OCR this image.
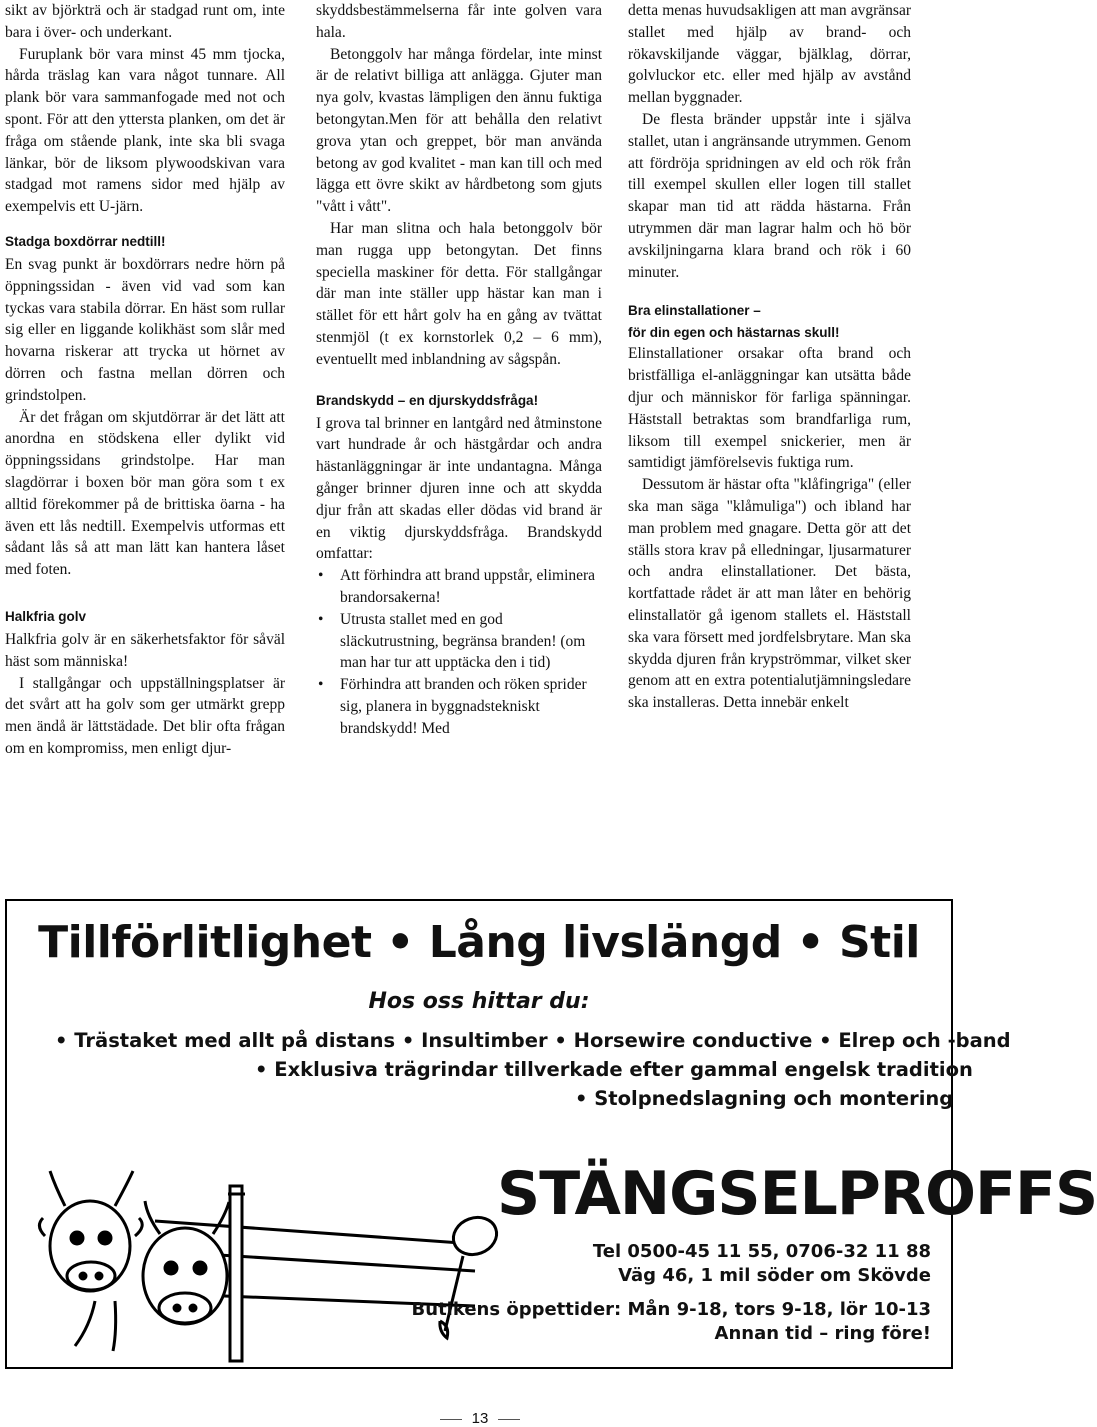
sikt av björkträ och är stadgad runt om, inte bara i över- och underkant.

Furuplank bör vara minst 45 mm tjocka, hårda träslag kan vara något tunnare. All plank bör vara sammanfogade med not och spont. För att den yttersta planken, om det är fråga om stående plank, inte ska bli svaga länkar, bör de liksom plywoodskivan vara stadgad mot ramens sidor med hjälp av exempelvis ett U-järn.

Stadga boxdörrar nedtill!

En svag punkt är boxdörrars nedre hörn på öppningssidan - även vid vad som kan tyckas vara stabila dörrar. En häst som rullar sig eller en liggande kolikhäst som slår med hovarna riskerar att trycka ut hörnet av dörren och fastna mellan dörren och grindstolpen.

Är det frågan om skjutdörrar är det lätt att anordna en stödskena eller dylikt vid öppningssidans grindstolpe. Har man slagdörrar i boxen bör man göra som t ex alltid förekommer på de brittiska öarna - ha även ett lås nedtill. Exempelvis utformas ett sådant lås så att man lätt kan hantera låset med foten.

Halkfria golv

Halkfria golv är en säkerhetsfaktor för såväl häst som människa!

I stallgångar och uppställningsplatser är det svårt att ha golv som ger utmärkt grepp men ändå är lättstädade. Det blir ofta frågan om en kompromiss, men enligt djur-

skyddsbestämmelserna får inte golven vara hala.

Betonggolv har många fördelar, inte minst är de relativt billiga att anlägga. Gjuter man nya golv, kvastas lämpligen den ännu fuktiga betongytan.Men för att behålla den relativt grova ytan och greppet, bör man använda betong av god kvalitet - man kan till och med lägga ett övre skikt av hårdbetong som gjuts "vått i vått".

Har man slitna och hala betonggolv bör man rugga upp betongytan. Det finns speciella maskiner för detta. För stallgångar där man inte ställer upp hästar kan man i stället för ett hårt golv ha en gång av tvättat stenmjöl (t ex kornstorlek 0,2 – 6 mm), eventuellt med inblandning av sågspån.

Brandskydd – en djurskyddsfråga!

I grova tal brinner en lantgård ned åtminstone vart hundrade år och hästgårdar och andra hästanläggningar är inte undantagna. Många gånger brinner djuren inne och att skydda djur från att skadas eller dödas vid brand är en viktig djurskyddsfråga. Brandskydd omfattar:

• Att förhindra att brand uppstår, eliminera brandorsakerna!
• Utrusta stallet med en god släckutrustning, begränsa branden! (om man har tur att upptäcka den i tid)
• Förhindra att branden och röken sprider sig, planera in byggnadstekniskt brandskydd! Med

detta menas huvudsakligen att man avgränsar stallet med hjälp av brand- och rökavskiljande väggar, bjälklag, dörrar, golvluckor etc. eller med hjälp av avstånd mellan byggnader.

De flesta bränder uppstår inte i själva stallet, utan i angränsande utrymmen. Genom att fördröja spridningen av eld och rök från till exempel skullen eller logen till stallet skapar man tid att rädda hästarna. Från utrymmen där man lagrar halm och hö bör avskiljningarna klara brand och rök i 60 minuter.

Bra elinstallationer –
för din egen och hästarnas skull!

Elinstallationer orsakar ofta brand och bristfälliga el-anläggningar kan utsätta både djur och människor för farliga spänningar. Häststall betraktas som brandfarliga rum, liksom till exempel snickerier, men är samtidigt jämförelsevis fuktiga rum.

Dessutom är hästar ofta "klåfingriga" (eller ska man säga "klåmuliga") och ibland har man problem med gnagare. Detta gör att det ställs stora krav på elledningar, ljusarmaturer och andra elinstallationer. Det bästa, kortfattade rådet är att man låter en behörig elinstallatör gå igenom stallets el. Häststall ska vara försett med jordfelsbrytare. Man ska skydda djuren från krypströmmar, vilket sker genom att en extra potentialutjämningsledare ska installeras. Detta innebär enkelt

Tillförlitlighet • Lång livslängd • Stil
Hos oss hittar du:
• Trästaket med allt på distans • Insultimber • Horsewire conductive • Elrep och -band
• Exklusiva trägrindar tillverkade efter gammal engelsk tradition
• Stolpnedslagning och montering
STÄNGSELPROFFS
Tel 0500-45 11 55, 0706-32 11 88
Väg 46, 1 mil söder om Skövde
Butikens öppettider: Mån 9-18, tors 9-18, lör 10-13
Annan tid – ring före!
13
